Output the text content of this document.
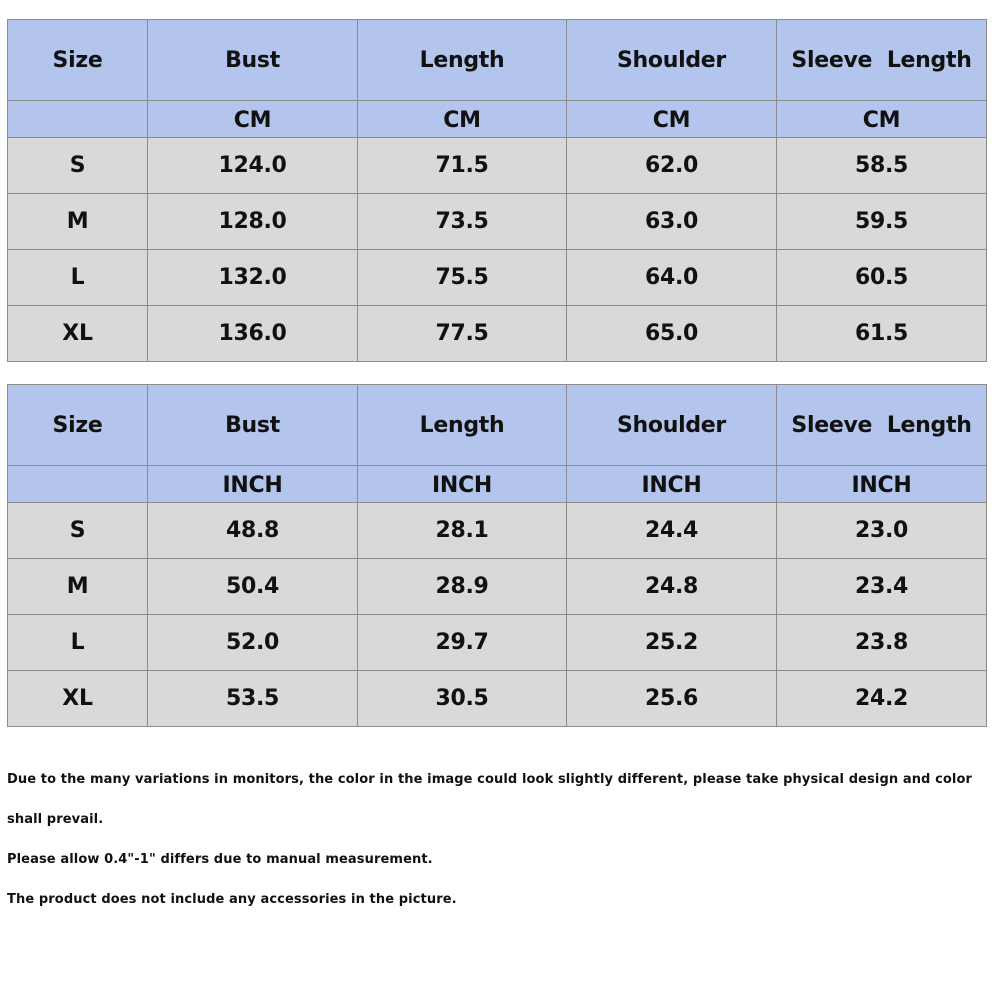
Size	Bust	Length	Shoulder	Sleeve  Length
	CM	CM	CM	CM
S	124.0	71.5	62.0	58.5
M	128.0	73.5	63.0	59.5
L	132.0	75.5	64.0	60.5
XL	136.0	77.5	65.0	61.5
Size	Bust	Length	Shoulder	Sleeve  Length
	INCH	INCH	INCH	INCH
S	48.8	28.1	24.4	23.0
M	50.4	28.9	24.8	23.4
L	52.0	29.7	25.2	23.8
XL	53.5	30.5	25.6	24.2

Due to the many variations in monitors, the color in the image could look slightly different, please take physical design and color

shall prevail.

Please allow 0.4"-1" differs due to manual measurement.

The product does not include any accessories in the picture.
